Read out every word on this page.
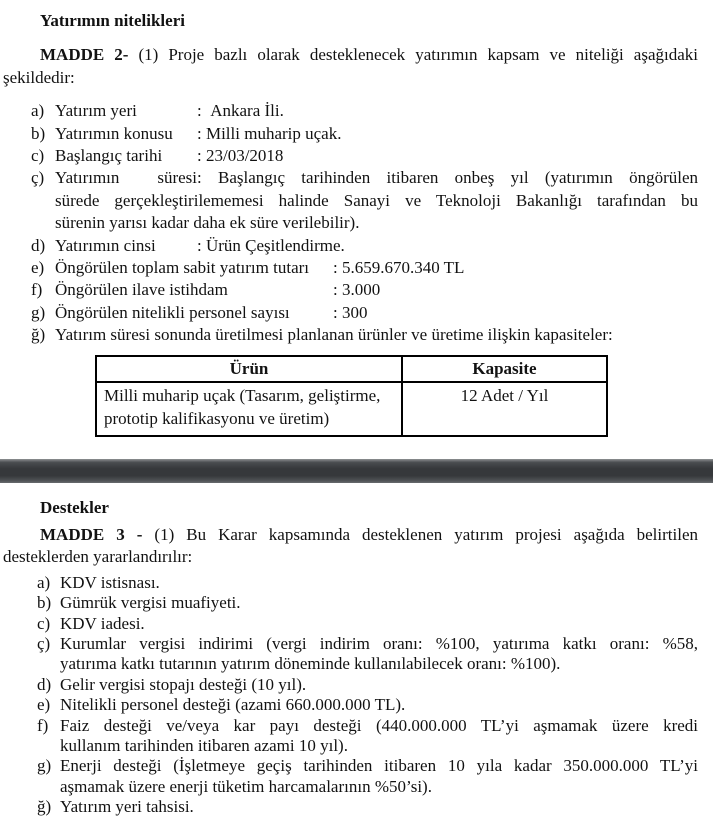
Yatırımın nitelikleri
MADDE 2- (1) Proje bazlı olarak desteklenecek yatırımın kapsam ve niteliği aşağıdaki
şekildedir:
a) Yatırım yeri	:  Ankara İli.
b) Yatırımın konusu : Milli muharip uçak.
c) Başlangıç tarihi : 23/03/2018
ç) Yatırımın süresi: Başlangıç tarihinden itibaren onbeş yıl (yatırımın öngörülen
sürede gerçekleştirilememesi halinde Sanayi ve Teknoloji Bakanlığı tarafından bu
sürenin yarısı kadar daha ek süre verilebilir).
d) Yatırımın cinsi : Ürün Çeşitlendirme.
e) Öngörülen toplam sabit yatırım tutarı : 5.659.670.340 TL
f) Öngörülen ilave istihdam	: 3.000
g) Öngörülen nitelikli personel sayısı	: 300
ğ) Yatırım süresi sonunda üretilmesi planlanan ürünler ve üretime ilişkin kapasiteler:
Ürün	Kapasite

Milli muharip uçak (Tasarım, geliştirme,
prototip kalifikasyonu ve üretim)	12 Adet / Yıl
Destekler
MADDE 3 - (1) Bu Karar kapsamında desteklenen yatırım projesi aşağıda belirtilen
desteklerden yararlandırılır:
a) KDV istisnası.
b) Gümrük vergisi muafiyeti.
c) KDV iadesi.
ç) Kurumlar vergisi indirimi (vergi indirim oranı: %100, yatırıma katkı oranı: %58,
yatırıma katkı tutarının yatırım döneminde kullanılabilecek oranı: %100).
d) Gelir vergisi stopajı desteği (10 yıl).
e) Nitelikli personel desteği (azami 660.000.000 TL).
f) Faiz desteği ve/veya kar payı desteği (440.000.000 TL’yi aşmamak üzere kredi
kullanım tarihinden itibaren azami 10 yıl).
g) Enerji desteği (İşletmeye geçiş tarihinden itibaren 10 yıla kadar 350.000.000 TL’yi
aşmamak üzere enerji tüketim harcamalarının %50’si).
ğ) Yatırım yeri tahsisi.
